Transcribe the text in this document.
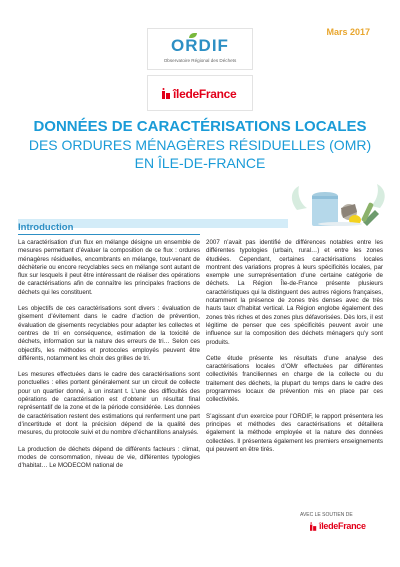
Mars 2017
ORDIF
Observatoire Régional des Déchets
îledeFrance
DONNÉES DE CARACTÉRISATIONS LOCALES
DES ORDURES MÉNAGÈRES RÉSIDUELLES (OMR)
EN ÎLE-DE-FRANCE
Introduction

La caractérisation d’un flux en mélange désigne un ensemble de mesures permettant d’évaluer la composition de ce flux : ordures ménagères résiduelles, encombrants en mélange, tout-venant de déchèterie ou encore recyclables secs en mélange sont autant de flux sur lesquels il peut être intéressant de réaliser des opérations de caractérisations afin de connaître les principales fractions de déchets qui les constituent.

Les objectifs de ces caractérisations sont divers : évaluation de gisement d’évitement dans le cadre d’action de prévention, évaluation de gisements recyclables pour adapter les collectes et centres de tri en conséquence, estimation de la toxicité de déchets, information sur la nature des erreurs de tri… Selon ces objectifs, les méthodes et protocoles employés peuvent être différents, notamment les choix des grilles de tri.

Les mesures effectuées dans le cadre des caractérisations sont ponctuelles : elles portent généralement sur un circuit de collecte pour un quartier donné, à un instant t. L’une des difficultés des opérations de caractérisation est d’obtenir un résultat final représentatif de la zone et de la période considérée. Les données de caractérisation restent des estimations qui renferment une part d’incertitude et dont la précision dépend de la qualité des mesures, du protocole suivi et du nombre d’échantillons analysés.

La production de déchets dépend de différents facteurs : climat, modes de consommation, niveau de vie, différentes typologies d’habitat… Le MODECOM national de

2007 n’avait pas identifié de différences notables entre les différentes typologies (urbain, rural…) et entre les zones étudiées. Cependant, certaines caractérisations locales montrent des variations propres à leurs spécificités locales, par exemple une surreprésentation d’une certaine catégorie de déchets. La Région Île-de-France présente plusieurs caractéristiques qui la distinguent des autres régions françaises, notamment la présence de zones très denses avec de très hauts taux d’habitat vertical. La Région englobe également des zones très riches et des zones plus défavorisées. Dès lors, il est légitime de penser que ces spécificités peuvent avoir une influence sur la composition des déchets ménagers qu’y sont produits.

Cette étude présente les résultats d’une analyse des caractérisations locales d’OMr effectuées par différentes collectivités franciliennes en charge de la collecte ou du traitement des déchets, la plupart du temps dans le cadre des programmes locaux de prévention mis en place par ces collectivités.

S’agissant d’un exercice pour l’ORDIF, le rapport présentera les principes et méthodes des caractérisations et détaillera également la méthode employée et la nature des données collectées. Il présentera également les premiers enseignements qui peuvent en être tirés.

AVEC LE SOUTIEN DE
îledeFrance
